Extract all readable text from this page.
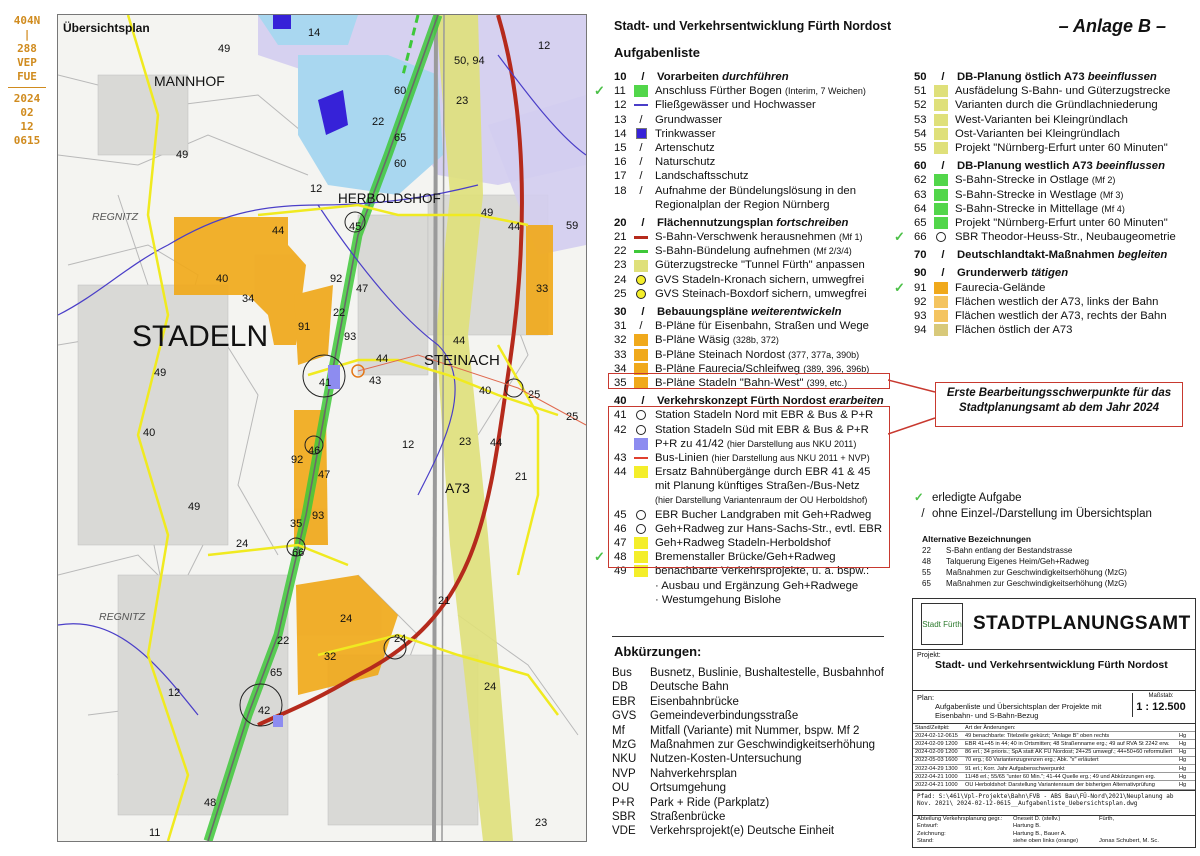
404N
|
288
VEP
FUE
2024
02
12
0615
Übersichtsplan
MANNHOF
HERBOLDSHOF
STADELN
STEINACH
REGNITZ
REGNITZ
A73
14
49
50, 94
12
60
23
22
65
49
60
12
49
44	45	44	59
40	92
34
47	33
22
91
93
44
44
49
41	43
40	25
25
40
46	12	23 44
92
47	21
49
93
35
24
66
21
24
24
32
22
65
12	24
42
48
11
23
Stadt- und Verkehrsentwicklung Fürth Nordost
Aufgabenliste
– Anlage B –
10	/	Vorarbeiten durchführen
✓ 11	Anschluss Fürther Bogen (Interim, 7 Weichen)
12	Fließgewässer und Hochwasser
13	/	Grundwasser
14	Trinkwasser
15	/	Artenschutz
16	/	Naturschutz
17	/	Landschaftsschutz
18	/	Aufnahme der Bündelungslösung in den
Regionalplan der Region Nürnberg
20	/	Flächennutzungsplan fortschreiben
21	S-Bahn-Verschwenk herausnehmen (Mf 1)
22	S-Bahn-Bündelung aufnehmen (Mf 2/3/4)
23	Güterzugstrecke "Tunnel Fürth" anpassen
24	GVS Stadeln-Kronach sichern, umwegfrei
25	GVS Steinach-Boxdorf sichern, umwegfrei
30	/	Bebauungspläne weiterentwickeln
31	/	B-Pläne für Eisenbahn, Straßen und Wege
32	B-Pläne Wäsig (328b, 372)
33	B-Pläne Steinach Nordost (377, 377a, 390b)
34	B-Pläne Faurecia/Schleifweg (389, 396, 396b)
35	B-Pläne Stadeln "Bahn-West" (399, etc.)
40	/	Verkehrskonzept Fürth Nordost erarbeiten
41	Station Stadeln Nord mit EBR & Bus & P+R
42	Station Stadeln Süd mit EBR & Bus & P+R
P+R zu 41/42 (hier Darstellung aus NKU 2011)
43	Bus-Linien (hier Darstellung aus NKU 2011 + NVP)
44	Ersatz Bahnübergänge durch EBR 41 & 45
mit Planung künftiges Straßen-/Bus-Netz
(hier Darstellung Variantenraum der OU Herboldshof)
45	EBR Bucher Landgraben mit Geh+Radweg
46	Geh+Radweg zur Hans-Sachs-Str., evtl. EBR
47	Geh+Radweg Stadeln-Herboldshof
✓ 48	Bremenstaller Brücke/Geh+Radweg
49	benachbarte Verkehrsprojekte, u. a. bspw.:
· Ausbau und Ergänzung Geh+Radwege
· Westumgehung Bislohe
50	/	DB-Planung östlich A73 beeinflussen
51	Ausfädelung S-Bahn- und Güterzugstrecke
52	Varianten durch die Gründlachniederung
53	West-Varianten bei Kleingründlach
54	Ost-Varianten bei Kleingründlach
55	Projekt "Nürnberg-Erfurt unter 60 Minuten"
60	/	DB-Planung westlich A73 beeinflussen
62	S-Bahn-Strecke in Ostlage (Mf 2)
63	S-Bahn-Strecke in Westlage (Mf 3)
64	S-Bahn-Strecke in Mittellage (Mf 4)
65	Projekt "Nürnberg-Erfurt unter 60 Minuten"
✓ 66	SBR Theodor-Heuss-Str., Neubaugeometrie
70	/	Deutschlandtakt-Maßnahmen begleiten
90	/	Grunderwerb tätigen
✓ 91	Faurecia-Gelände
92	Flächen westlich der A73, links der Bahn
93	Flächen westlich der A73, rechts der Bahn
94	Flächen östlich der A73
Erste Bearbeitungsschwerpunkte für das Stadtplanungsamt ab dem Jahr 2024
✓ erledigte Aufgabe
/ ohne Einzel-/Darstellung im Übersichtsplan
Alternative Bezeichnungen
22	S-Bahn entlang der Bestandstrasse
48	Talquerung Eigenes Heim/Geh+Radweg
55	Maßnahmen zur Geschwindigkeitserhöhung (MzG)
65	Maßnahmen zur Geschwindigkeitserhöhung (MzG)
Abkürzungen:
Bus	Busnetz, Buslinie, Bushaltestelle, Busbahnhof
DB	Deutsche Bahn
EBR	Eisenbahnbrücke
GVS	Gemeindeverbindungsstraße
Mf	Mitfall (Variante) mit Nummer, bspw. Mf 2
MzG	Maßnahmen zur Geschwindigkeitserhöhung
NKU	Nutzen-Kosten-Untersuchung
NVP	Nahverkehrsplan
OU	Ortsumgehung
P+R	Park + Ride (Parkplatz)
SBR	Straßenbrücke
VDE	Verkehrsprojekt(e) Deutsche Einheit
Stadt Fürth STADTPLANUNGSAMT
Projekt:
Stadt- und Verkehrsentwicklung Fürth Nordost
Plan:
Aufgabenliste und Übersichtsplan der Projekte mit Eisenbahn- und S-Bahn-Bezug
Maßstab:
1 : 12.500
Stand/Zeitpkt:	Art der Änderungen:	
2024-02-12-0615	49 benachbarte: Titelzeile gekürzt; "Anlage B" oben rechts	Hg
2024-02-09 1200	EBR 41+45 in 44; 40 in Ortsmitten; 48 Straßenname erg.; 49 auf RVA St 2242 erw.	Hg
2024-02-09 1200	86 erl.; 34 prioris.; SpA statt AK FÜ Nordost; 24+25 umwegf.; 44+50+60 reformuliert	Hg
2022-05-03 1600	70 erg.; 60 Variantenzugrenzen erg.; Abk. "x" erläutert	Hg
2022-04-29 1300	91 erl.; Korr. Jahr Aufgabenschwerpunkt	Hg
2022-04-21 1000	11/48 erl.; 55/65 "unter 60 Min."; 41-44 Quelle erg.; 49 und Abkürzungen erg.	Hg
2022-04-21 1000	OU Herboldshof: Darstellung Variantenraum der bisherigen Alternativprüfung	Hg
Pfad: S:\461\Vpl-Projekte\Bahn\FVB - ABS Bau\FÜ-Nord\2021\Neuplanung ab Nov. 2021\ 2024-02-12-0615__Aufgabenliste_Uebersichtsplan.dwg
Abteilung Verkehrsplanung gegr.:	Oneseit D. (stellv.)	Fürth,
Entwurf:	Hartung B.
Zeichnung:	Hartung B., Bauer A.
Stand:	siehe oben links (orange)	Jonas Schubert, M. Sc.
